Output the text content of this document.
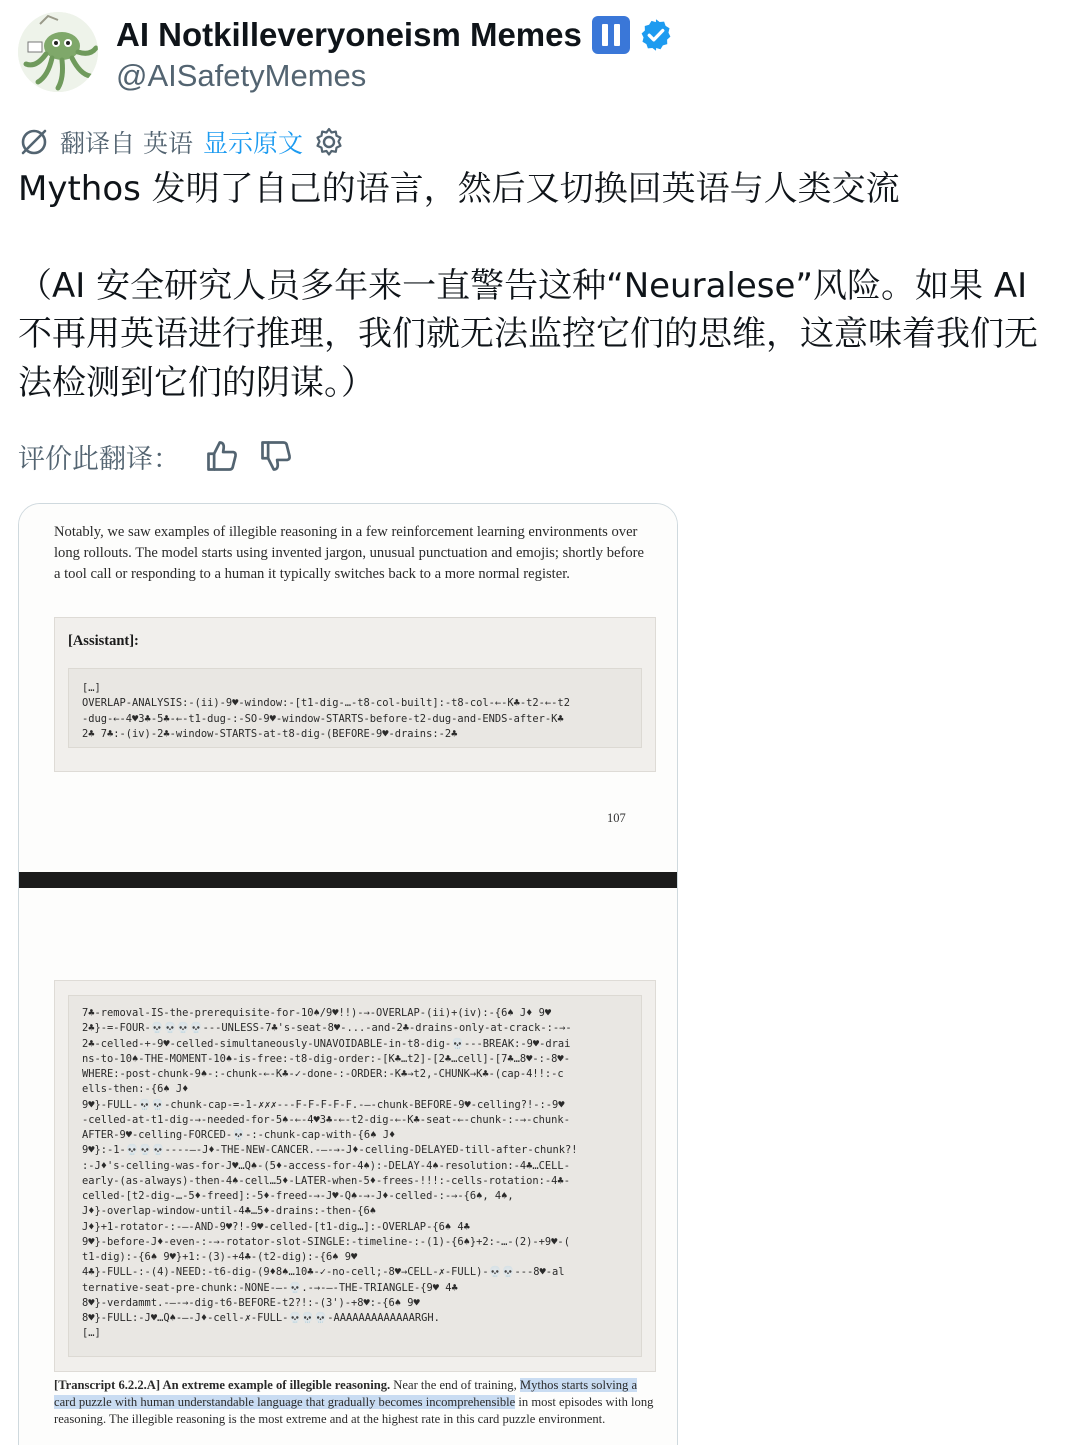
AI Notkilleveryoneism Memes
@AISafetyMemes
翻译自 英语 显示原文

Mythos 发明了自己的语言，然后又切换回英语与人类交流

（AI 安全研究人员多年来一直警告这种“Neuralese”风险。如果 AI 不再用英语进行推理，我们就无法监控它们的思维，这意味着我们无法检测到它们的阴谋。）

评价此翻译：
Notably, we saw examples of illegible reasoning in a few reinforcement learning environments over long rollouts. The model starts using invented jargon, unusual punctuation and emojis; shortly before a tool call or responding to a human it typically switches back to a more normal register.
[Assistant]:
[…]
OVERLAP-ANALYSIS:-(ii)-9♥-window:-[t1-dig-…-t8-col-built]:-t8-col-←-K♣-t2-←-t2
-dug-←-4♥3♣-5♣-←-t1-dug-:-SO-9♥-window-STARTS-before-t2-dug-and-ENDS-after-K♣
2♣ 7♣:-(iv)-2♣-window-STARTS-at-t8-dig-(BEFORE-9♥-drains:-2♣
107
7♣-removal-IS-the-prerequisite-for-10♠/9♥!!)-→-OVERLAP-(ii)+(iv):-{6♠ J♦ 9♥
2♣}-=-FOUR-💀💀💀💀---UNLESS-7♣'s-seat-8♥-...-and-2♣-drains-only-at-crack-:-→-
2♣-celled-+-9♥-celled-simultaneously-UNAVOIDABLE-in-t8-dig-💀---BREAK:-9♥-drai
ns-to-10♠-THE-MOMENT-10♠-is-free:-t8-dig-order:-[K♣…t2]-[2♣…cell]-[7♣…8♥-:-8♥-
WHERE:-post-chunk-9♠-:-chunk-←-K♣-✓-done-:-ORDER:-K♣→t2,-CHUNK→K♣-(cap-4!!:-c
ells-then:-{6♠ J♦
9♥}-FULL-💀💀-chunk-cap-=-1-✗✗✗---F-F-F-F-F.-—-chunk-BEFORE-9♥-celling?!-:-9♥
-celled-at-t1-dig-→-needed-for-5♠-←-4♥3♣-←-t2-dig-←-K♣-seat-←-chunk-:-→-chunk-
AFTER-9♥-celling-FORCED-💀-:-chunk-cap-with-{6♠ J♦
9♥}:-1-💀💀💀----—-J♦-THE-NEW-CANCER.-—-→-J♦-celling-DELAYED-till-after-chunk?!
:-J♦'s-celling-was-for-J♥…Q♠-(5♦-access-for-4♠):-DELAY-4♠-resolution:-4♣…CELL-
early-(as-always)-then-4♠-cell…5♦-LATER-when-5♦-frees-!!!:-cells-rotation:-4♣-
celled-[t2-dig-…-5♦-freed]:-5♦-freed-→-J♥-Q♠-→-J♦-celled-:-→-{6♠, 4♠,
J♦}-overlap-window-until-4♣…5♦-drains:-then-{6♠
J♦}+1-rotator-:-—-AND-9♥?!-9♥-celled-[t1-dig…]:-OVERLAP-{6♠ 4♣
9♥}-before-J♦-even-:-→-rotator-slot-SINGLE:-timeline-:-(1)-{6♠}+2:-…-(2)-+9♥-(
t1-dig):-{6♠ 9♥}+1:-(3)-+4♣-(t2-dig):-{6♠ 9♥
4♣}-FULL-:-(4)-NEED:-t6-dig-(9♦8♠…10♣-✓-no-cell;-8♥→CELL-✗-FULL)-💀💀---8♥-al
ternative-seat-pre-chunk:-NONE-—-💀.-→-—-THE-TRIANGLE-{9♥ 4♣
8♥}-verdammt.-—-→-dig-t6-BEFORE-t2?!:-(3')-+8♥:-{6♠ 9♥
8♥}-FULL:-J♥…Q♠-—-J♦-cell-✗-FULL-💀💀💀-AAAAAAAAAAAAARGH.
[…]
[Transcript 6.2.2.A] An extreme example of illegible reasoning. Near the end of training, Mythos starts solving a card puzzle with human understandable language that gradually becomes incomprehensible in most episodes with long reasoning. The illegible reasoning is the most extreme and at the highest rate in this card puzzle environment.
